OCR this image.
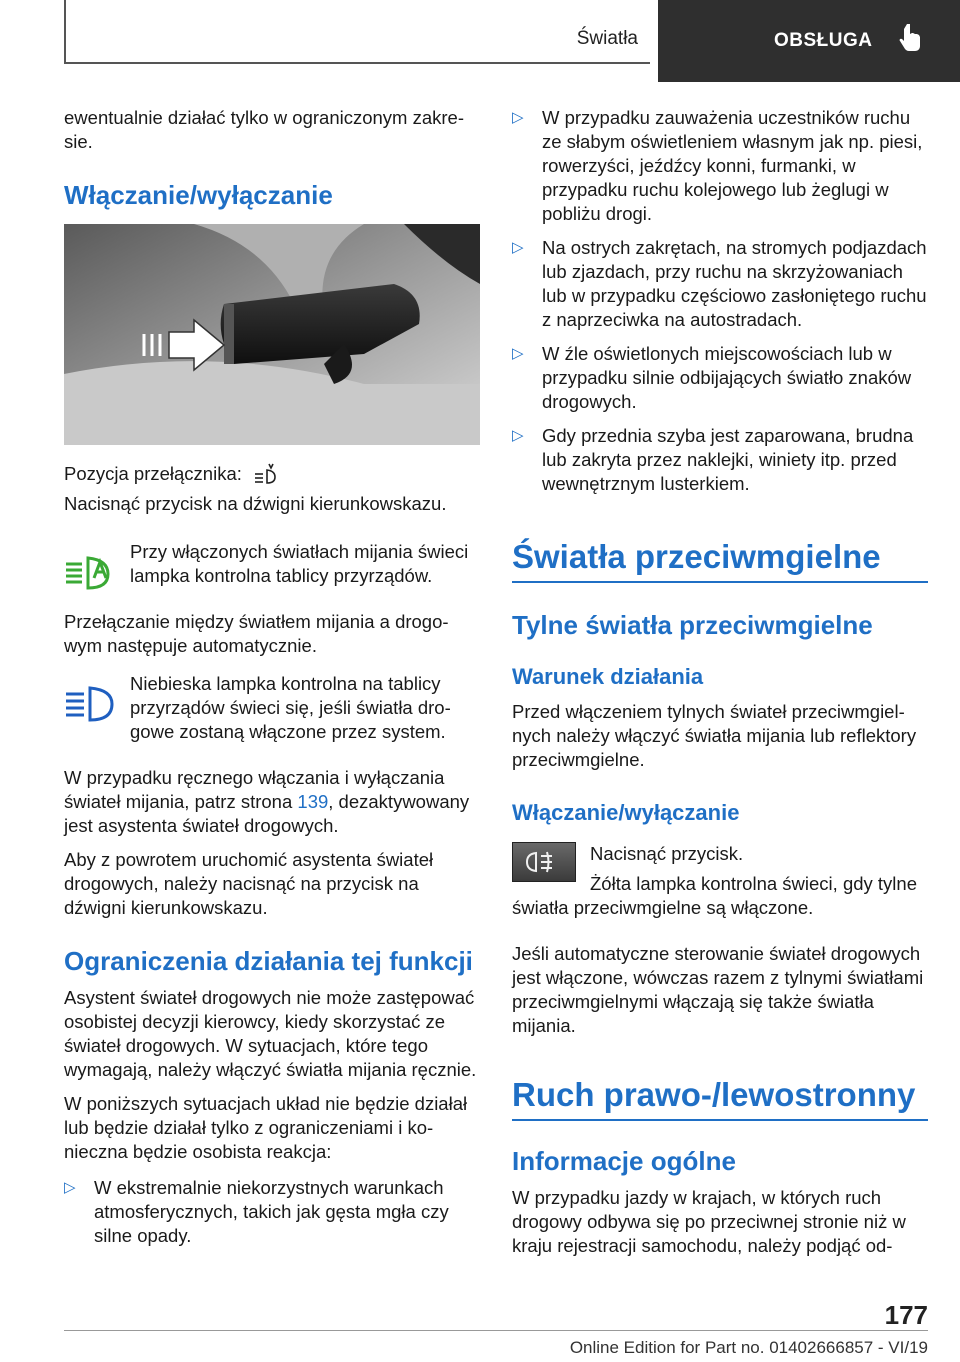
Światła	OBSŁUGA
ewentualnie działać tylko w ograniczonym zakresie.
Włączanie/wyłączanie
Pozycja przełącznika:
Nacisnąć przycisk na dźwigni kierunkowskazu.
Przy włączonych światłach mijania świeci lampka kontrolna tablicy przyrządów.
Przełączanie między światłem mijania a drogowym następuje automatycznie.
Niebieska lampka kontrolna na tablicy przyrządów świeci się, jeśli światła drogowe zostaną włączone przez system.
W przypadku ręcznego włączania i wyłączania świateł mijania, patrz strona 139, dezaktywowany jest asystenta świateł drogowych.
Aby z powrotem uruchomić asystenta świateł drogowych, należy nacisnąć na przycisk na dźwigni kierunkowskazu.
Ograniczenia działania tej funkcji
Asystent świateł drogowych nie może zastępować osobistej decyzji kierowcy, kiedy skorzystać ze świateł drogowych. W sytuacjach, które tego wymagają, należy włączyć światła mijania ręcznie.
W poniższych sytuacjach układ nie będzie działał lub będzie działał tylko z ograniczeniami i konieczna będzie osobista reakcja:
▷ W ekstremalnie niekorzystnych warunkach atmosferycznych, takich jak gęsta mgła czy silne opady.
▷ W przypadku zauważenia uczestników ruchu ze słabym oświetleniem własnym jak np. piesi, rowerzyści, jeźdźcy konni, furmanki, w przypadku ruchu kolejowego lub żeglugi w pobliżu drogi.
▷ Na ostrych zakrętach, na stromych podjazdach lub zjazdach, przy ruchu na skrzyżowaniach lub w przypadku częściowo zasłoniętego ruchu z naprzeciwka na autostradach.
▷ W źle oświetlonych miejscowościach lub w przypadku silnie odbijających światło znaków drogowych.
▷ Gdy przednia szyba jest zaparowana, brudna lub zakryta przez naklejki, winiety itp. przed wewnętrznym lusterkiem.
Światła przeciwmgielne
Tylne światła przeciwmgielne
Warunek działania
Przed włączeniem tylnych świateł przeciwmgielnych należy włączyć światła mijania lub reflektory przeciwmgielne.
Włączanie/wyłączanie
Nacisnąć przycisk.
Żółta lampka kontrolna świeci, gdy tylne światła przeciwmgielne są włączone.
Jeśli automatyczne sterowanie świateł drogowych jest włączone, wówczas razem z tylnymi światłami przeciwmgielnymi włączają się także światła mijania.
Ruch prawo-/lewostronny
Informacje ogólne
W przypadku jazdy w krajach, w których ruch drogowy odbywa się po przeciwnej stronie niż w kraju rejestracji samochodu, należy podjąć od-
177
Online Edition for Part no. 01402666857 - VI/19
